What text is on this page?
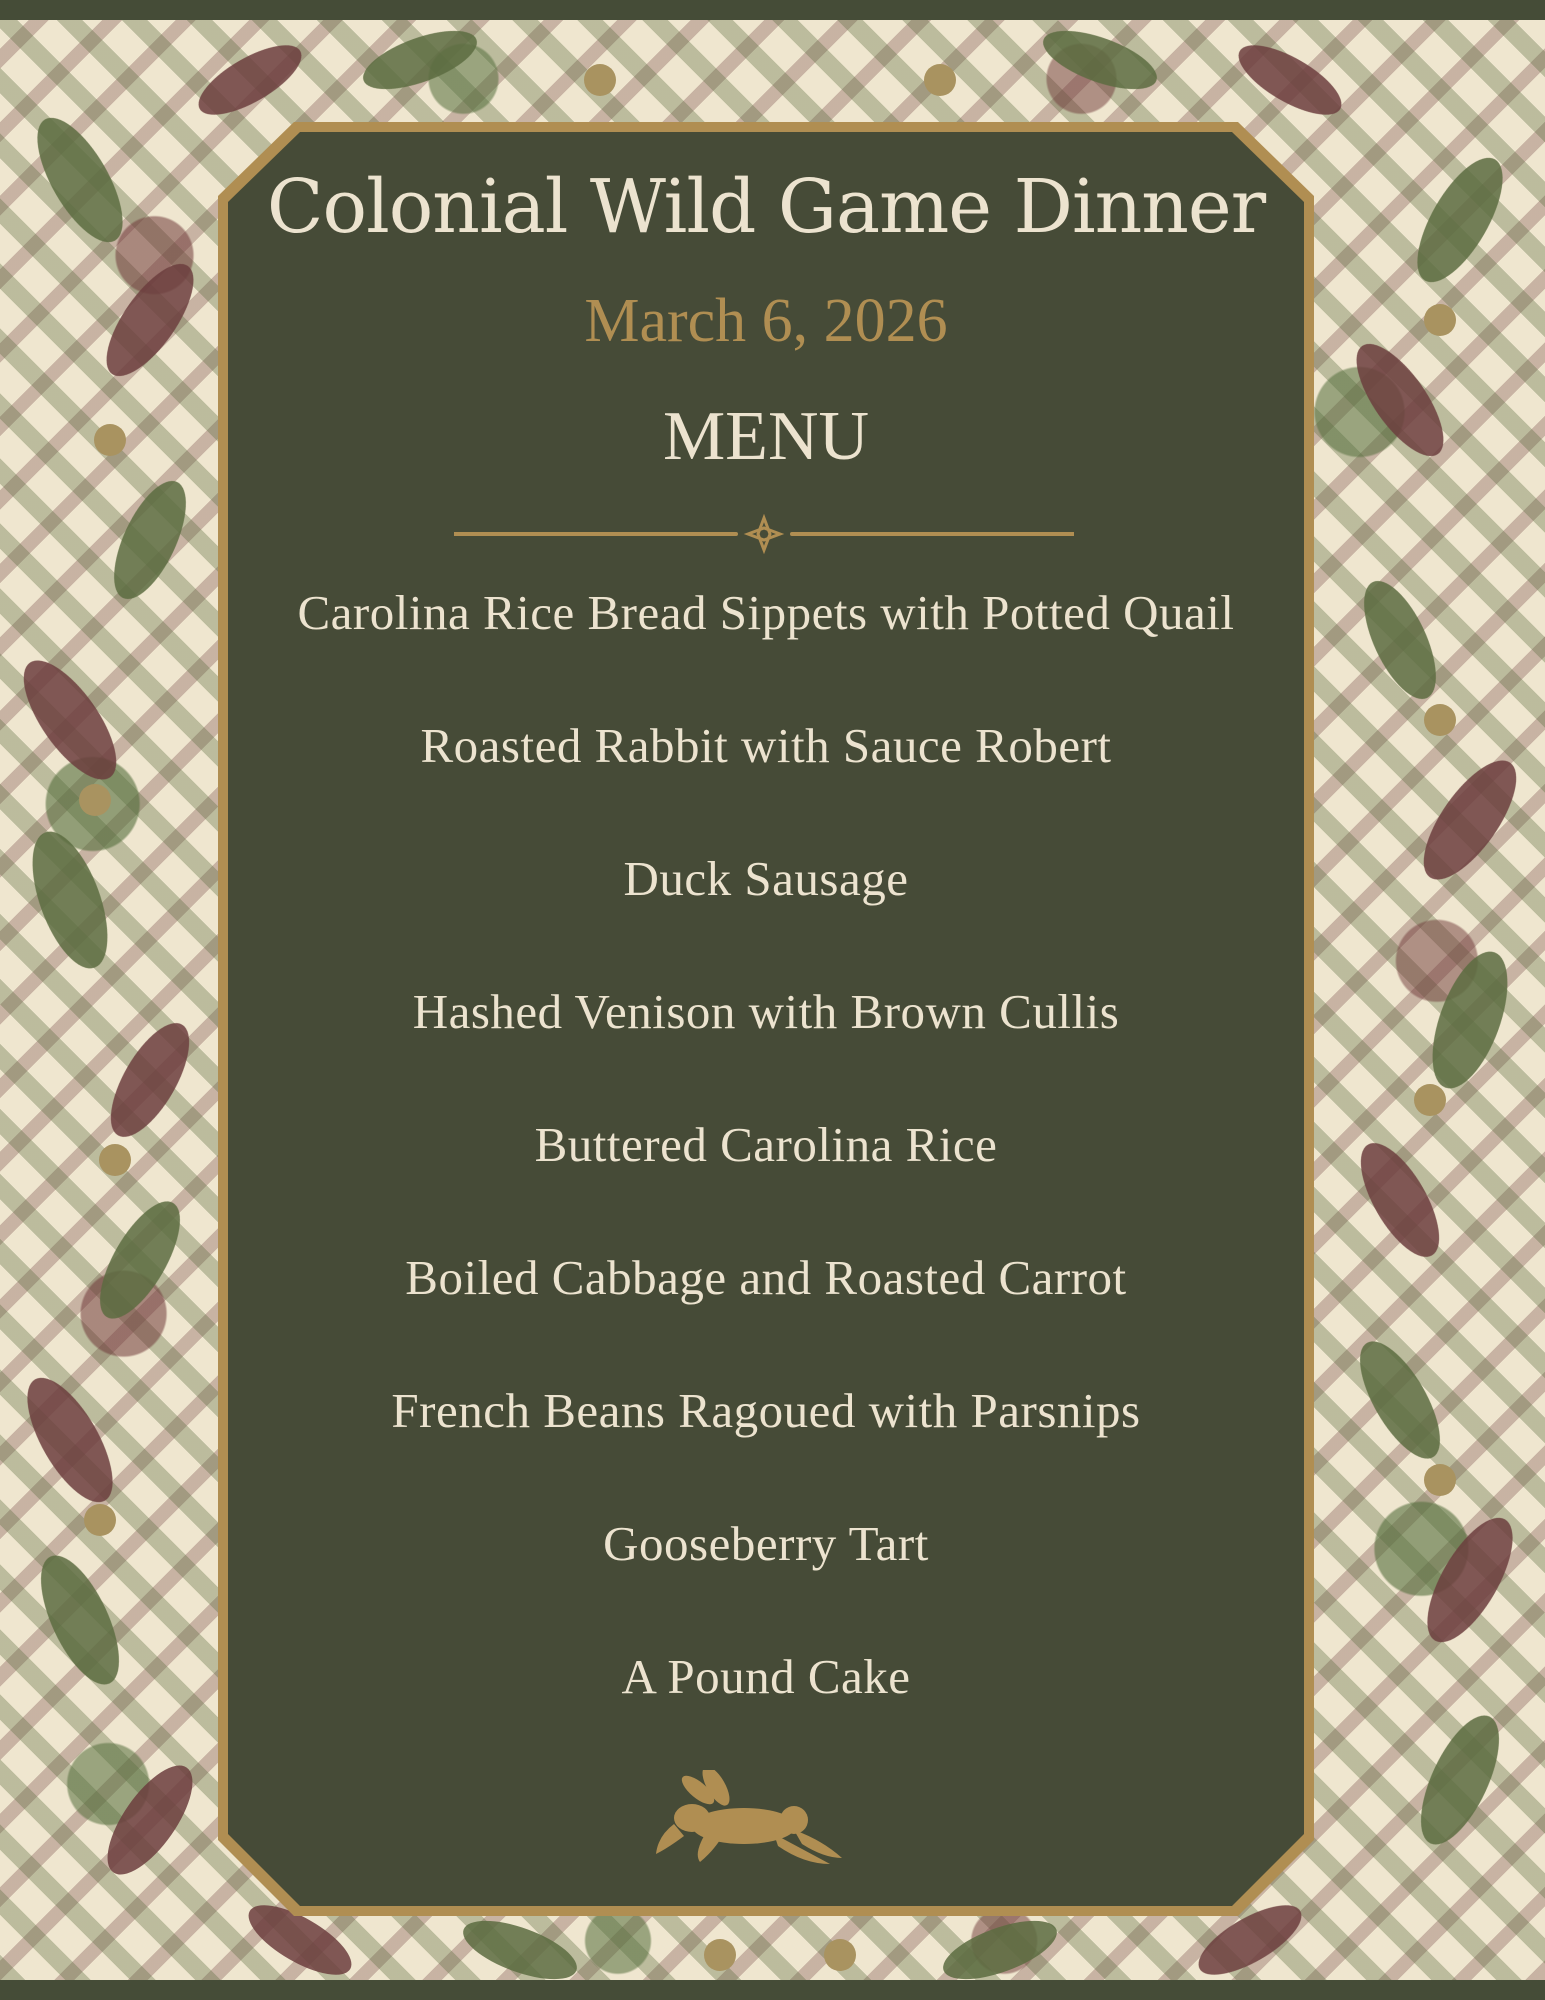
Colonial Wild Game Dinner
March 6, 2026
MENU
Carolina Rice Bread Sippets with Potted Quail
Roasted Rabbit with Sauce Robert
Duck Sausage
Hashed Venison with Brown Cullis
Buttered Carolina Rice
Boiled Cabbage and Roasted Carrot
French Beans Ragoued with Parsnips
Gooseberry Tart
A Pound Cake
